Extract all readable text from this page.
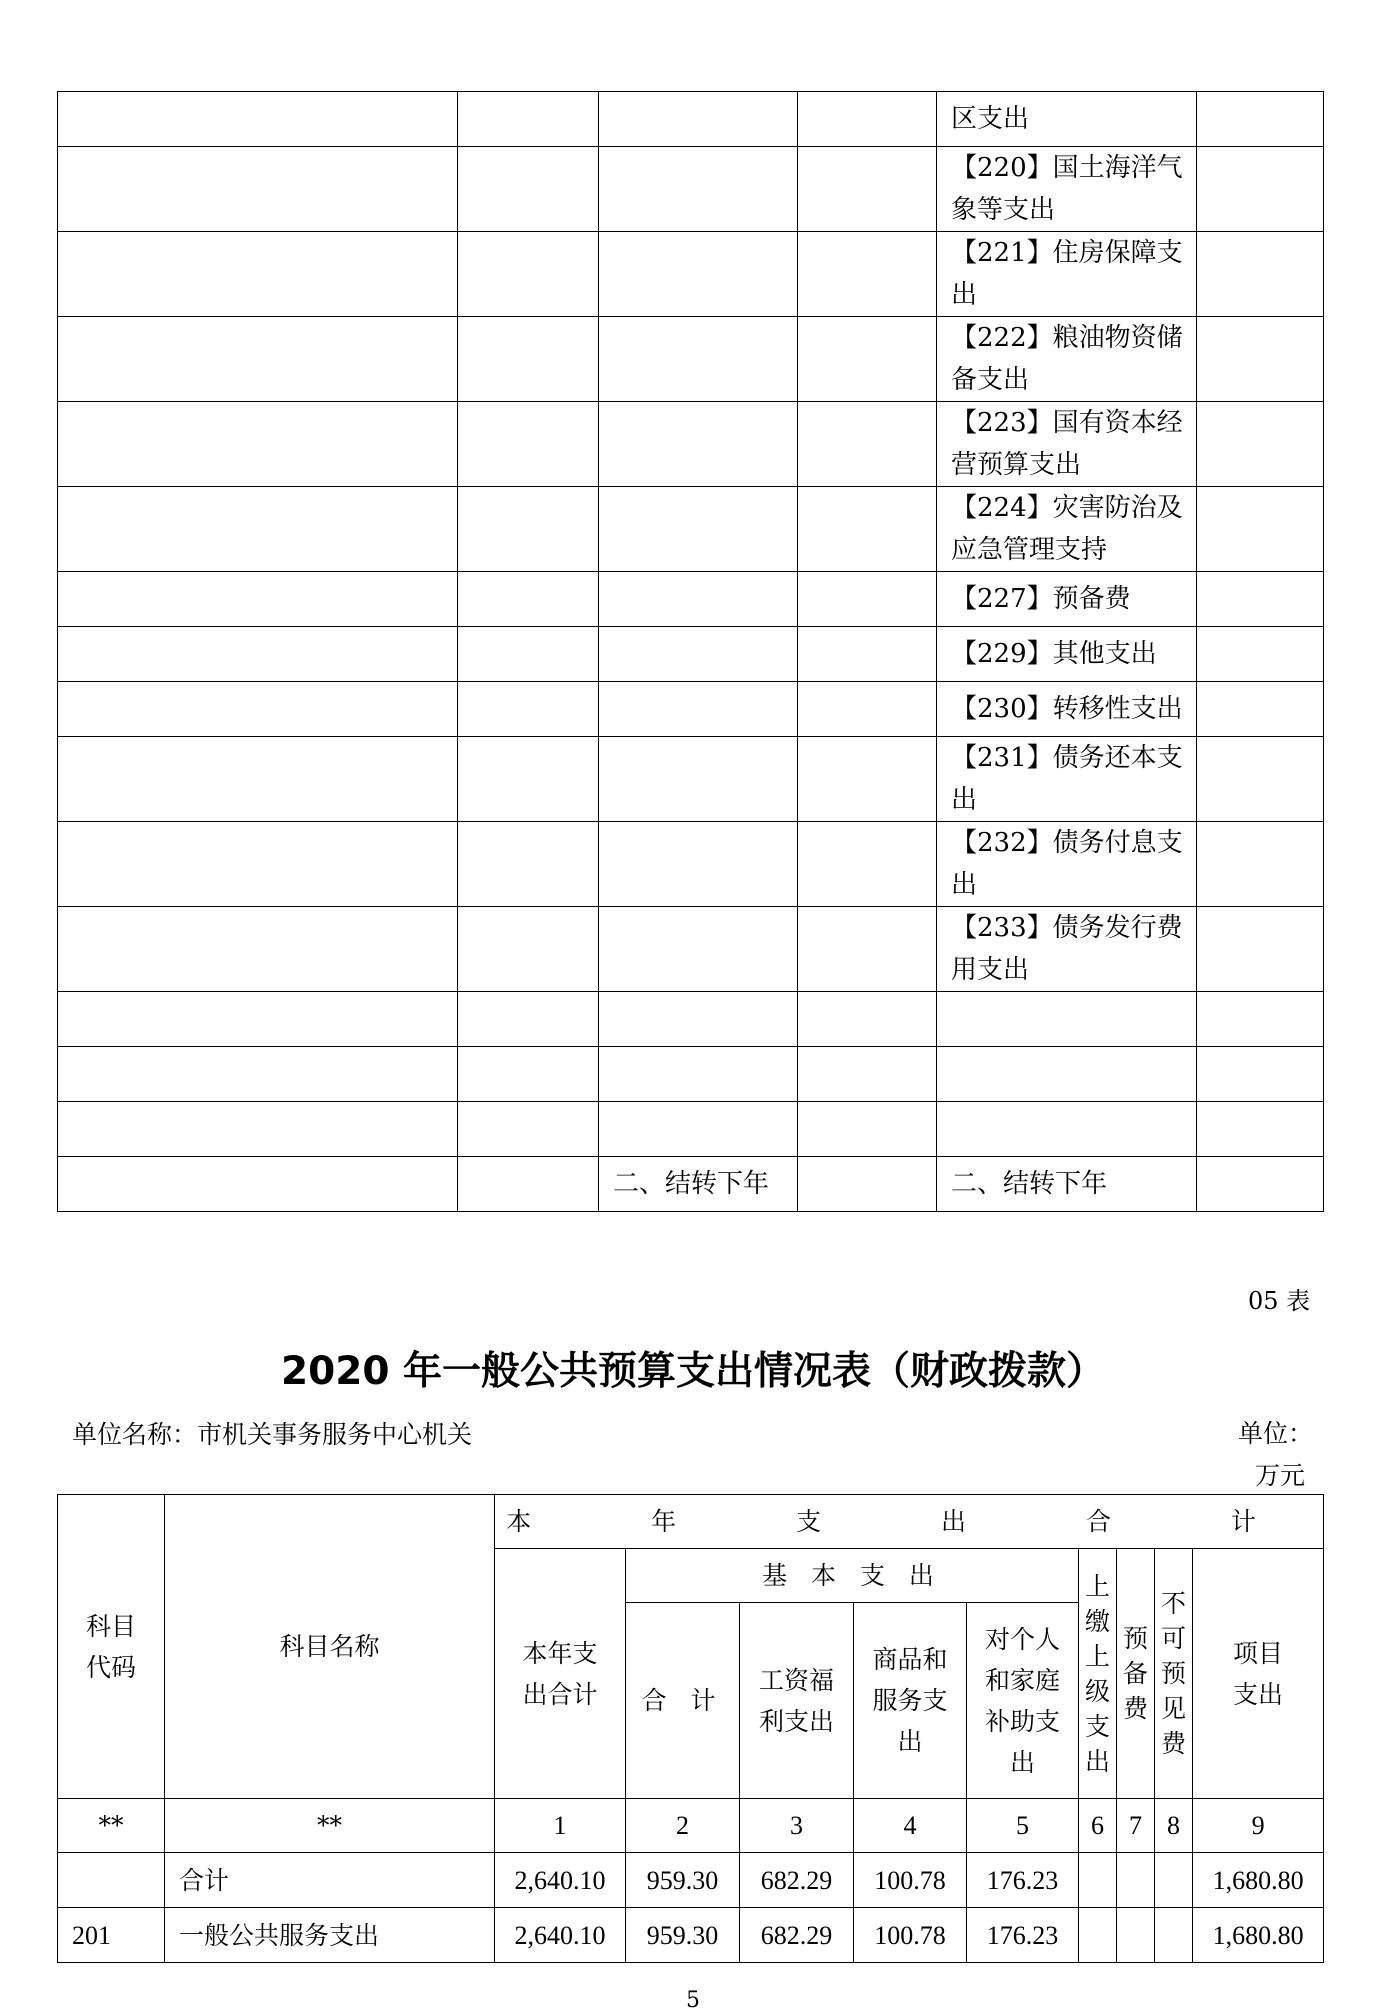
				区支出	
				【220】国土海洋气象等支出	
				【221】住房保障支出	
				【222】粮油物资储备支出	
				【223】国有资本经营预算支出	
				【224】灾害防治及应急管理支持	
				【227】预备费	
				【229】其他支出	
				【230】转移性支出	
				【231】债务还本支出	
				【232】债务付息支出	
				【233】债务发行费用支出	

		二、结转下年		二、结转下年	
05 表
2020 年一般公共预算支出情况表（财政拨款）
单位名称：市机关事务服务中心机关	单位：
万元
科目代码	科目名称	本 年 支 出 合 计								
		本年支出合计	基 本 支 出				上缴上级支出	预备费	不可预见费	项目支出
			合 计	工资福利支出	商品和服务支出	对个人和家庭补助支出				
**	**	1	2	3	4	5	6	7	8	9
	合计	2,640.10	959.30	682.29	100.78	176.23				1,680.80
201	一般公共服务支出	2,640.10	959.30	682.29	100.78	176.23				1,680.80
5
